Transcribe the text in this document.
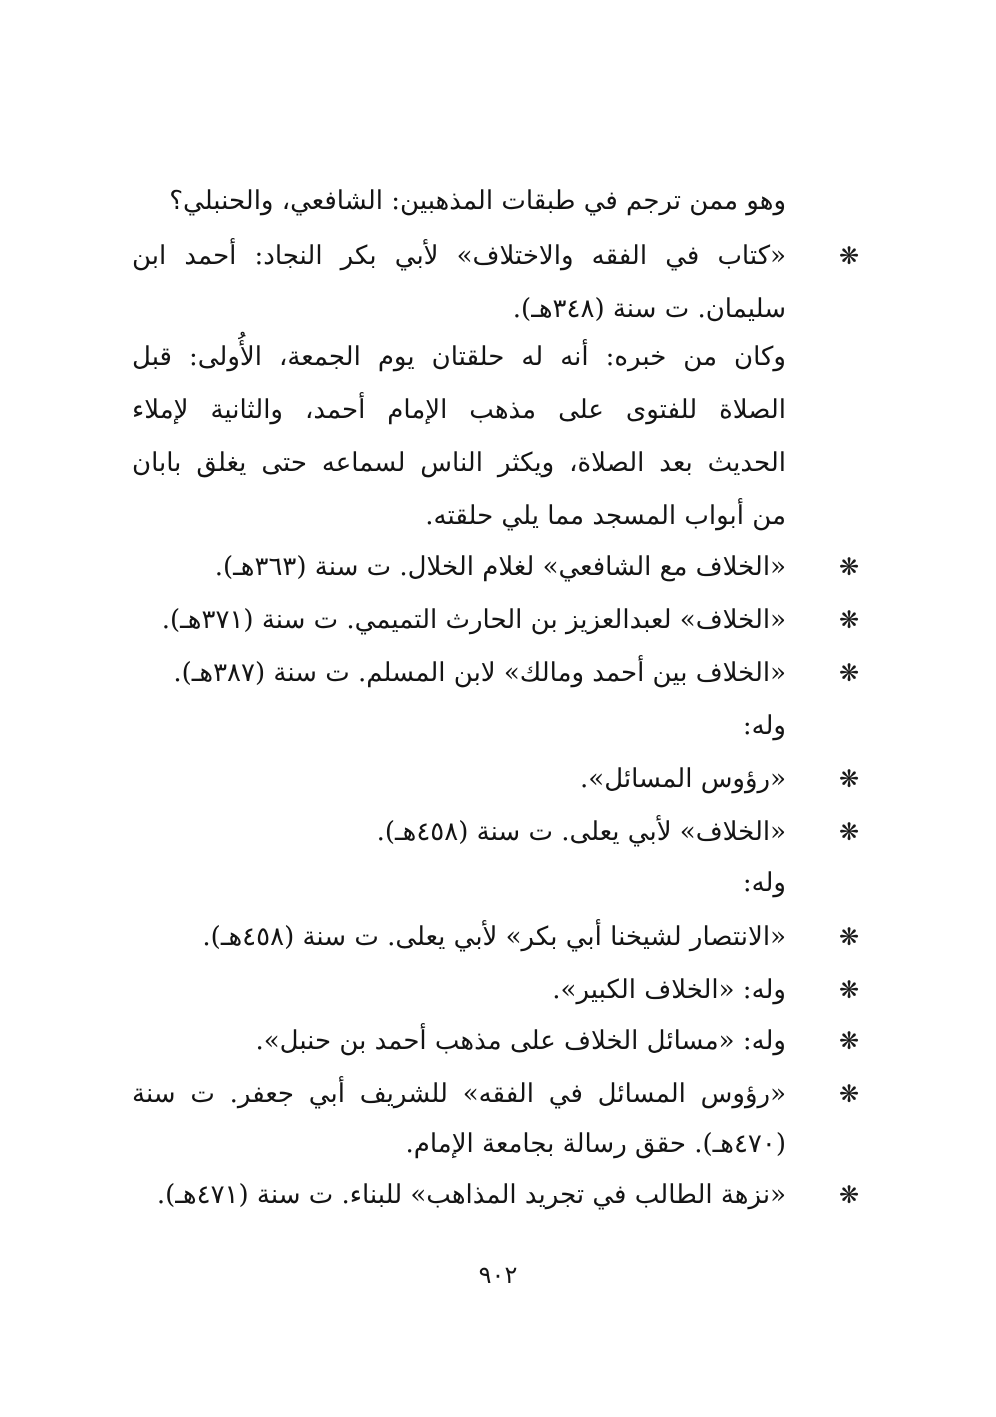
وهو ممن ترجم في طبقات المذهبين: الشافعي، والحنبلي؟
❋
«كتاب في الفقه والاختلاف» لأبي بكر النجاد: أحمد ابن
سليمان. ت سنة (٣٤٨هـ).
وكان من خبره: أنه له حلقتان يوم الجمعة، الأُولى: قبل
الصلاة للفتوى على مذهب الإمام أحمد، والثانية لإملاء
الحديث بعد الصلاة، ويكثر الناس لسماعه حتى يغلق بابان
من أبواب المسجد مما يلي حلقته.
❋
«الخلاف مع الشافعي» لغلام الخلال. ت سنة (٣٦٣هـ).
❋
«الخلاف» لعبدالعزيز بن الحارث التميمي. ت سنة (٣٧١هـ).
❋
«الخلاف بين أحمد ومالك» لابن المسلم. ت سنة (٣٨٧هـ).
وله:
❋
«رؤوس المسائل».
❋
«الخلاف» لأبي يعلى. ت سنة (٤٥٨هـ).
وله:
❋
«الانتصار لشيخنا أبي بكر» لأبي يعلى. ت سنة (٤٥٨هـ).
❋
وله: «الخلاف الكبير».
❋
وله: «مسائل الخلاف على مذهب أحمد بن حنبل».
❋
«رؤوس المسائل في الفقه» للشريف أبي جعفر. ت سنة
(٤٧٠هـ). حقق رسالة بجامعة الإمام.
❋
«نزهة الطالب في تجريد المذاهب» للبناء. ت سنة (٤٧١هـ).
٩٠٢
